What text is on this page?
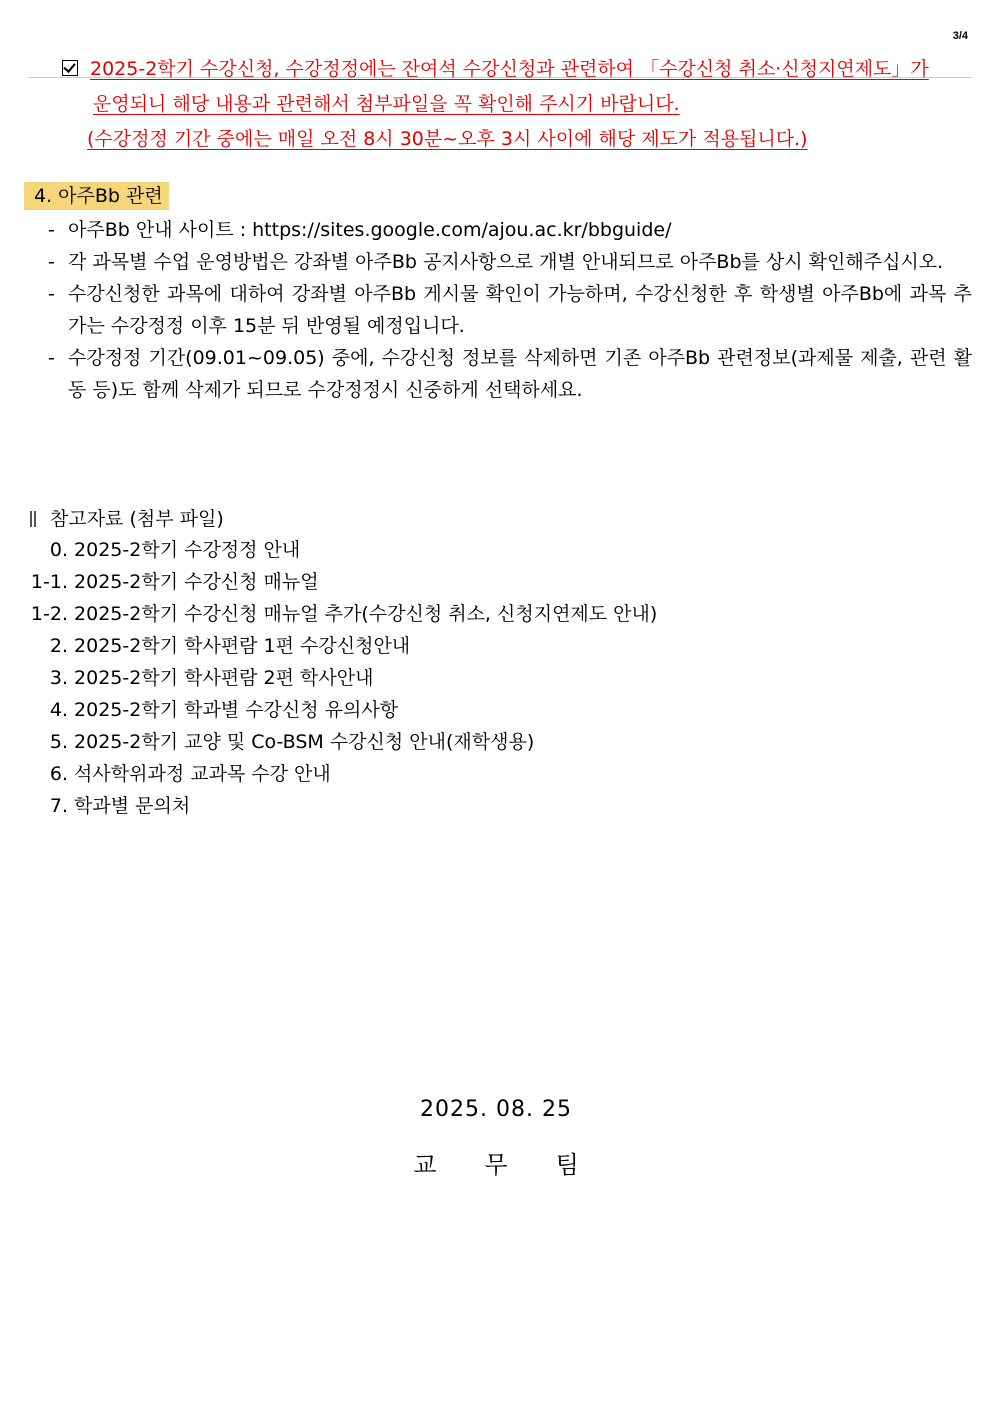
3/4
2025-2학기 수강신청, 수강정정에는 잔여석 수강신청과 관련하여 「수강신청 취소·신청지연제도」가
운영되니 해당 내용과 관련해서 첨부파일을 꼭 확인해 주시기 바랍니다.
(수강정정 기간 중에는 매일 오전 8시 30분~오후 3시 사이에 해당 제도가 적용됩니다.)
4. 아주Bb 관련
- 아주Bb 안내 사이트 : https://sites.google.com/ajou.ac.kr/bbguide/
- 각 과목별 수업 운영방법은 강좌별 아주Bb 공지사항으로 개별 안내되므로 아주Bb를 상시 확인해주십시오.
- 수강신청한 과목에 대하여 강좌별 아주Bb 게시물 확인이 가능하며, 수강신청한 후 학생별 아주Bb에 과목 추가는 수강정정 이후 15분 뒤 반영될 예정입니다.
- 수강정정 기간(09.01~09.05) 중에, 수강신청 정보를 삭제하면 기존 아주Bb 관련정보(과제물 제출, 관련 활동 등)도 함께 삭제가 되므로 수강정정시 신중하게 선택하세요.
참고자료 (첨부 파일)
0. 2025-2학기 수강정정 안내
1-1. 2025-2학기 수강신청 매뉴얼
1-2. 2025-2학기 수강신청 매뉴얼 추가(수강신청 취소, 신청지연제도 안내)
2. 2025-2학기 학사편람 1편 수강신청안내
3. 2025-2학기 학사편람 2편 학사안내
4. 2025-2학기 학과별 수강신청 유의사항
5. 2025-2학기 교양 및 Co-BSM 수강신청 안내(재학생용)
6. 석사학위과정 교과목 수강 안내
7. 학과별 문의처
2025. 08. 25
교무팀
